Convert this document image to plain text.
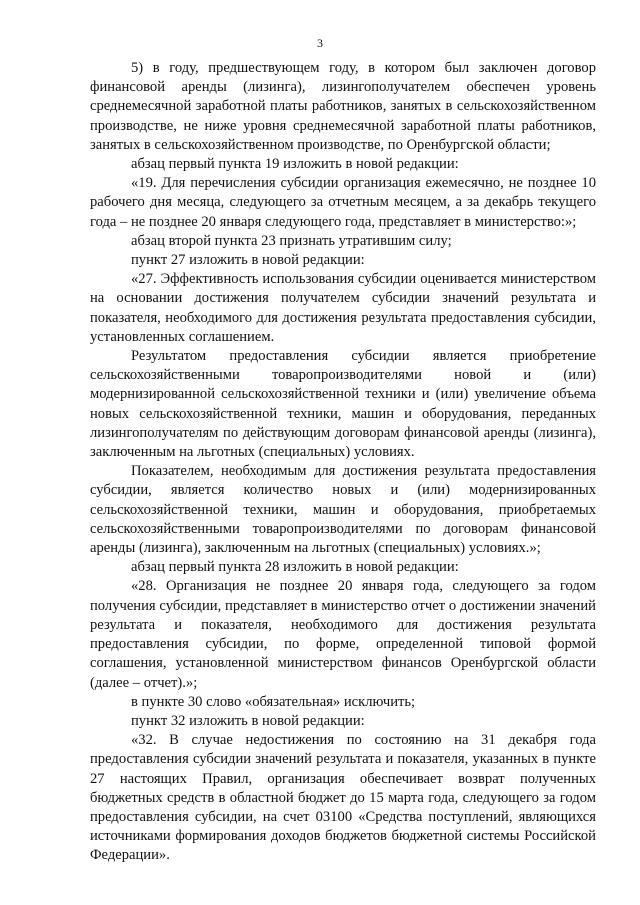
3

5) в году, предшествующем году, в котором был заключен договор финансовой аренды (лизинга), лизингополучателем обеспечен уровень среднемесячной заработной платы работников, занятых в сельскохозяйственном производстве, не ниже уровня среднемесячной заработной платы работников, занятых в сельскохозяйственном производстве, по Оренбургской области;

абзац первый пункта 19 изложить в новой редакции:

«19. Для перечисления субсидии организация ежемесячно, не позднее 10 рабочего дня месяца, следующего за отчетным месяцем, а за декабрь текущего года – не позднее 20 января следующего года, представляет в министерство:»;

абзац второй пункта 23 признать утратившим силу;

пункт 27 изложить в новой редакции:

«27. Эффективность использования субсидии оценивается министерством на основании достижения получателем субсидии значений результата и показателя, необходимого для достижения результата предоставления субсидии, установленных соглашением.

Результатом предоставления субсидии является приобретение сельскохозяйственными товаропроизводителями новой и (или) модернизированной сельскохозяйственной техники и (или) увеличение объема новых сельскохозяйственной техники, машин и оборудования, переданных лизингополучателям по действующим договорам финансовой аренды (лизинга), заключенным на льготных (специальных) условиях.

Показателем, необходимым для достижения результата предоставления субсидии, является количество новых и (или) модернизированных сельскохозяйственной техники, машин и оборудования, приобретаемых сельскохозяйственными товаропроизводителями по договорам финансовой аренды (лизинга), заключенным на льготных (специальных) условиях.»;

абзац первый пункта 28 изложить в новой редакции:

«28. Организация не позднее 20 января года, следующего за годом получения субсидии, представляет в министерство отчет о достижении значений результата и показателя, необходимого для достижения результата предоставления субсидии, по форме, определенной типовой формой соглашения, установленной министерством финансов Оренбургской области (далее – отчет).»;

в пункте 30 слово «обязательная» исключить;

пункт 32 изложить в новой редакции:

«32. В случае недостижения по состоянию на 31 декабря года предоставления субсидии значений результата и показателя, указанных в пункте 27 настоящих Правил, организация обеспечивает возврат полученных бюджетных средств в областной бюджет до 15 марта года, следующего за годом предоставления субсидии, на счет 03100 «Средства поступлений, являющихся источниками формирования доходов бюджетов бюджетной системы Российской Федерации».
